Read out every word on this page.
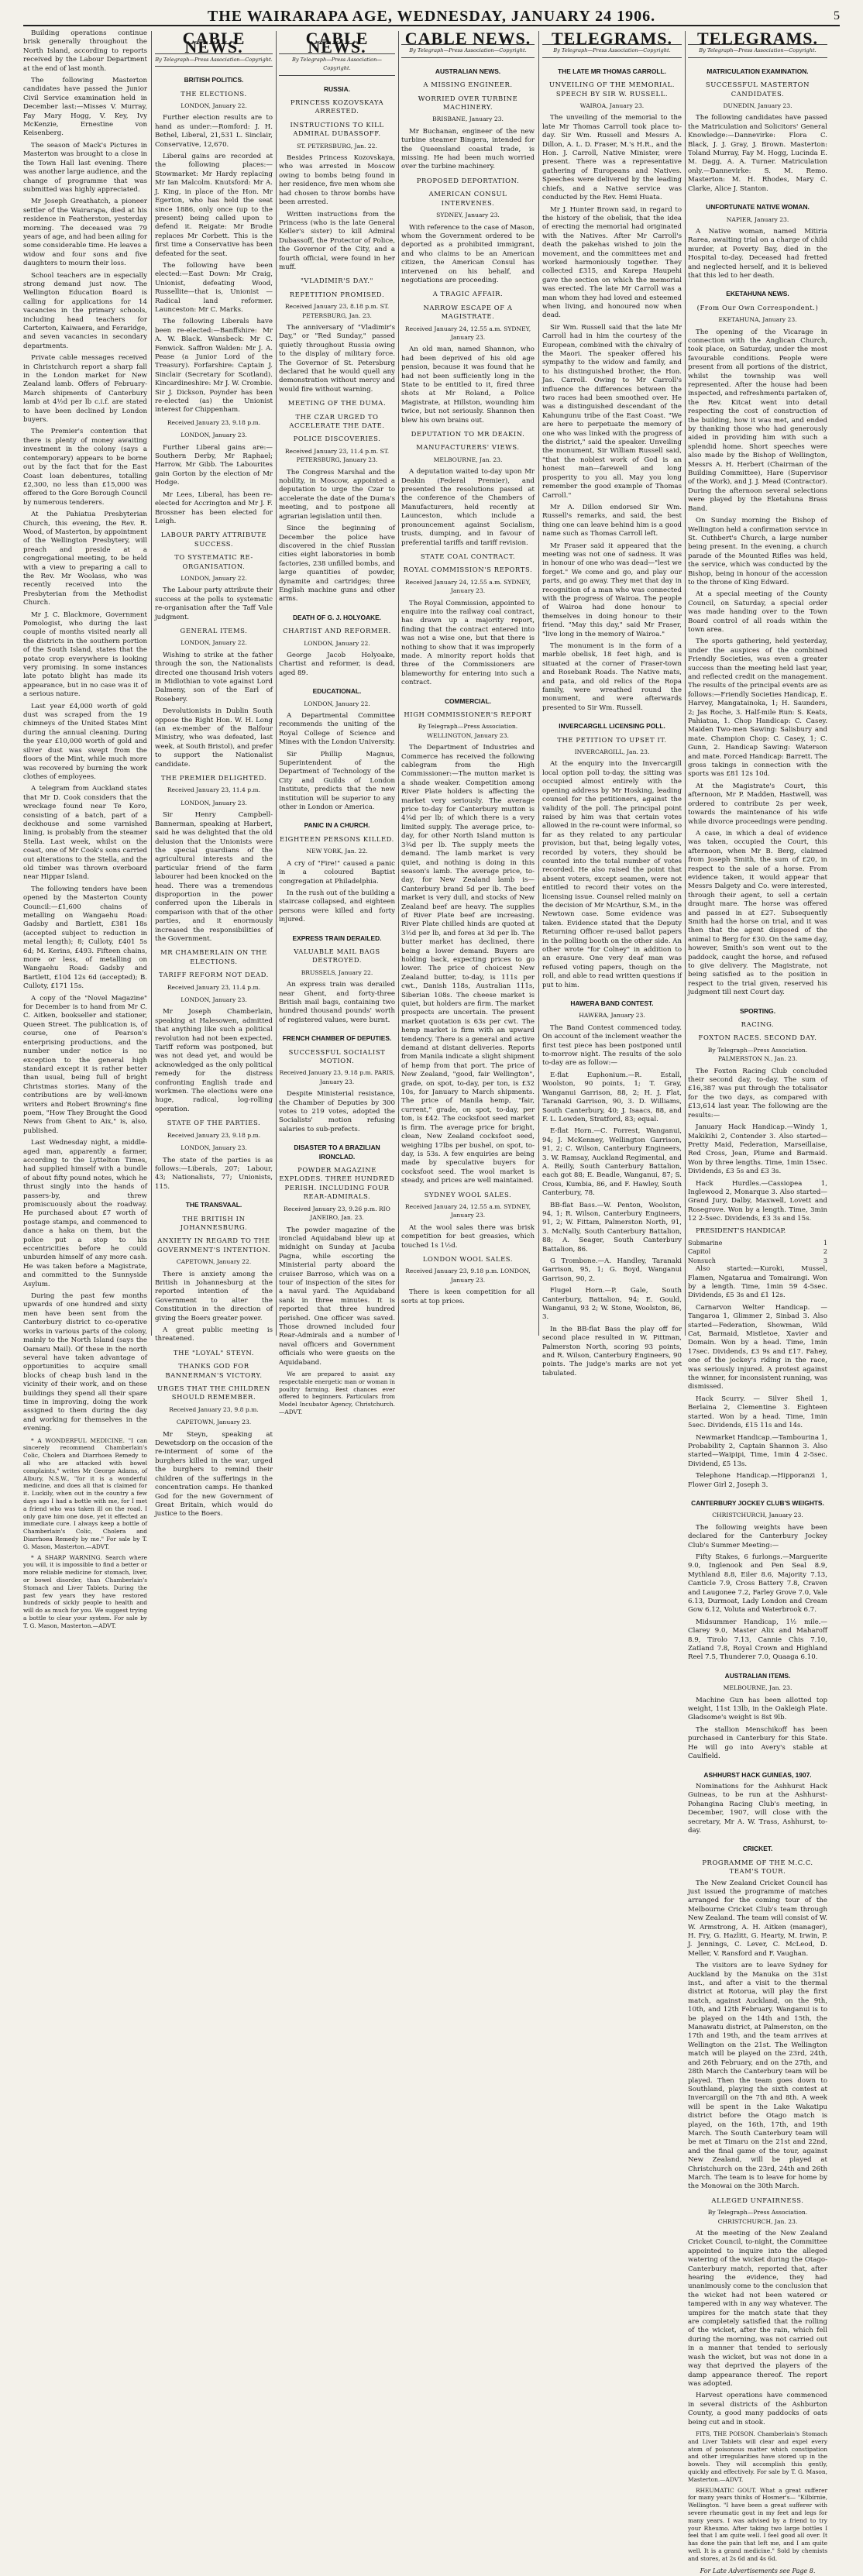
THE WAIRARAPA AGE, WEDNESDAY, JANUARY 24 1906.	5

Building operations continue brisk generally throughout the North Island, according to reports received by the Labour Department at the end of last month.

The following Masterton candidates have passed the Junior Civil Service examination held in December last:—Misses V. Murray, Fay Mary Hogg, V. Key, Ivy McKenzie, Ernestine von Keisenberg.

The season of Mack's Pictures in Masterton was brought to a close in the Town Hall last evening. There was another large audience, and the change of programme that was submitted was highly appreciated.

Mr Joseph Greathatch, a pioneer settler of the Wairarapa, died at his residence in Featherston, yesterday morning. The deceased was 79 years of age, and had been ailing for some considerable time. He leaves a widow and four sons and five daughters to mourn their loss.

School teachers are in especially strong demand just now. The Wellington Education Board is calling for applications for 14 vacancies in the primary schools, including head teachers for Carterton, Kaiwaera, and Feraridge, and seven vacancies in secondary departments.

Private cable messages received in Christchurch report a sharp fall in the London market for New Zealand lamb. Offers of February-March shipments of Canterbury lamb at 4½d per lb c.i.f. are stated to have been declined by London buyers.

The Premier's contention that there is plenty of money awaiting investment in the colony (says a contemporary) appears to be borne out by the fact that for the East Coast loan debentures, totalling £2,300, no less than £15,000 was offered to the Gore Borough Council by numerous tenderers.

At the Pahiatua Presbyterian Church, this evening, the Rev. R. Wood, of Masterton, by appointment of the Wellington Presbytery, will preach and preside at a congregational meeting, to be held with a view to preparing a call to the Rev. Mr Woolass, who was recently received into the Presbyterian from the Methodist Church.

Mr J. C. Blackmore, Government Pomologist, who during the last couple of months visited nearly all the districts in the southern portion of the South Island, states that the potato crop everywhere is looking very promising. In some instances late potato blight has made its appearance, but in no case was it of a serious nature.

Last year £4,000 worth of gold dust was scraped from the 19 chimneys of the United States Mint during the annual cleaning. During the year £10,000 worth of gold and silver dust was swept from the floors of the Mint, while much more was recovered by burning the work clothes of employees.

A telegram from Auckland states that Mr D. Cook considers that the wreckage found near Te Koro, consisting of a batch, part of a deckhouse and some varnished lining, is probably from the steamer Stella. Last week, whilst on the coast, one of Mr Cook's sons carried out alterations to the Stella, and the old timber was thrown overboard near Hippar Island.

The following tenders have been opened by the Masterton County Council:—£1,600 chains of metalling on Wangaehu Road: Gadsby and Bartlett, £381 18s (accepted subject to reduction in metal length); 8; Culloty, £401 5s 6d; M. Kerins, £493. Fifteen chains, more or less, of metalling on Wangaehu Road: Gadsby and Bartlett, £104 12s 6d (accepted); B. Culloty, £171 15s.

A copy of the "Novel Magazine" for December is to hand from Mr C. C. Aitken, bookseller and stationer, Queen Street. The publication is, of course, one of Pearson's enterprising productions, and the number under notice is no exception to the general high standard except it is rather better than usual, being full of bright Christmas stories. Many of the contributions are by well-known writers and Robert Browning's fine poem, "How They Brought the Good News from Ghent to Aix," is, also, published.

Last Wednesday night, a middle-aged man, apparently a farmer, according to the Lyttelton Times, had supplied himself with a bundle of about fifty pound notes, which he thrust singly into the hands of passers-by, and threw promiscuously about the roadway. He purchased about £7 worth of postage stamps, and commenced to dance a haka on them, but the police put a stop to his eccentricities before he could unburden himself of any more cash. He was taken before a Magistrate, and committed to the Sunnyside Asylum.

During the past few months upwards of one hundred and sixty men have been sent from the Canterbury district to co-operative works in various parts of the colony, mainly to the North Island (says the Oamaru Mail). Of these in the north several have taken advantage of opportunities to acquire small blocks of cheap bush land in the vicinity of their work, and on these buildings they spend all their spare time in improving, doing the work assigned to them during the day and working for themselves in the evening.

* A WONDERFUL MEDICINE. "I can sincerely recommend Chamberlain's Colic, Cholera and Diarrhoea Remedy to all who are attacked with bowel complaints," writes Mr George Adams, of Albury, N.S.W., "for it is a wonderful medicine, and does all that is claimed for it. Luckily, when out in the country a few days ago I had a bottle with me, for I met a friend who was taken ill on the road. I only gave him one dose, yet it effected an immediate cure. I always keep a bottle of Chamberlain's Colic, Cholera and Diarrhoea Remedy by me." For sale by T. G. Mason, Masterton.—ADVT.

* A SHARP WARNING. Search where you will, it is impossible to find a better or more reliable medicine for stomach, liver, or bowel disorder, than Chamberlain's Stomach and Liver Tablets. During the past few years they have restored hundreds of sickly people to health and will do as much for you. We suggest trying a bottle to clear your system. For sale by T. G. Mason, Masterton.—ADVT.

CABLE NEWS.
By Telegraph—Press Association—Copyright.
BRITISH POLITICS.
THE ELECTIONS.
LONDON, January 22.

Further election results are to hand as under:—Romford: J. H. Bethel, Liberal, 21,531 L. Sinclair, Conservative, 12,670.

Liberal gains are recorded at the following places:—Stowmarket: Mr Hardy replacing Mr Ian Malcolm. Knutsford: Mr A. J. King, in place of the Hon. Mr Egerton, who has held the seat since 1886, only once (up to the present) being called upon to defend it. Reigate: Mr Brodie replaces Mr Corbett. This is the first time a Conservative has been defeated for the seat.

The following have been elected:—East Down: Mr Craig, Unionist, defeating Wood, Russellite—that is, Unionist — Radical land reformer. Launceston: Mr C. Marks.

The following Liberals have been re-elected:—Banffshire: Mr A. W. Black. Wansbeck: Mr C. Fenwick. Saffron Walden: Mr J. A. Pease (a Junior Lord of the Treasury). Forfarshire: Captain J. Sinclair (Secretary for Scotland). Kincardineshire: Mr J. W. Crombie. Sir J. Dickson, Poynder has been re-elected (as) the Unionist interest for Chippenham.

Received January 23, 9.18 p.m.
LONDON, January 23.

Further Liberal gains are:—Southern Derby, Mr Raphael; Harrow, Mr Gibb. The Labourites gain Gorton by the election of Mr Hodge.

Mr Lees, Liberal, has been re-elected for Accrington and Mr J. F. Brossner has been elected for Leigh.

LABOUR PARTY ATTRIBUTE SUCCESS.
TO SYSTEMATIC RE-ORGANISATION.
LONDON, January 22.

The Labour party attribute their success at the polls to systematic re-organisation after the Taff Vale judgment.

GENERAL ITEMS.
LONDON, January 22.

Wishing to strike at the father through the son, the Nationalists directed one thousand Irish voters in Midlothian to vote against Lord Dalmeny, son of the Earl of Rosebery.

Devolutionists in Dublin South oppose the Right Hon. W. H. Long (an ex-member of the Balfour Ministry, who was defeated, last week, at South Bristol), and prefer to support the Nationalist candidate.

THE PREMIER DELIGHTED.
Received January 23, 11.4 p.m.
LONDON, January 23.

Sir Henry Campbell-Bannerman, speaking at Harbert, said he was delighted that the old delusion that the Unionists were the special guardians of the agricultural interests and the particular friend of the farm labourer had been knocked on the head. There was a tremendous disproportion in the power conferred upon the Liberals in comparison with that of the other parties, and it enormously increased the responsibilities of the Government.

MR CHAMBERLAIN ON THE ELECTIONS.
TARIFF REFORM NOT DEAD.
Received January 23, 11.4 p.m.
LONDON, January 23.

Mr Joseph Chamberlain, speaking at Halesowen, admitted that anything like such a political revolution had not been expected. Tariff reform was postponed, but was not dead yet, and would be acknowledged as the only political remedy for the distress confronting English trade and workmen. The elections were one huge, radical, log-rolling operation.

STATE OF THE PARTIES.
Received January 23, 9.18 p.m.
LONDON, January 23.

The state of the parties is as follows:—Liberals, 207; Labour, 43; Nationalists, 77; Unionists, 115.

THE TRANSVAAL.
THE BRITISH IN JOHANNESBURG.
ANXIETY IN REGARD TO THE GOVERNMENT'S INTENTION.
CAPETOWN, January 22.

There is anxiety among the British in Johannesburg at the reported intention of the Government to alter the Constitution in the direction of giving the Boers greater power.

A great public meeting is threatened.

THE "LOYAL" STEYN.
THANKS GOD FOR BANNERMAN'S VICTORY.
URGES THAT THE CHILDREN SHOULD REMEMBER.
Received January 23, 9.8 p.m.
CAPETOWN, January 23.

Mr Steyn, speaking at Dewetsdorp on the occasion of the re-interment of some of the burghers killed in the war, urged the burghers to remind their children of the sufferings in the concentration camps. He thanked God for the new Government of Great Britain, which would do justice to the Boers.

CABLE NEWS.
By Telegraph—Press Association—Copyright.
RUSSIA.
PRINCESS KOZOVSKAYA ARRESTED.
INSTRUCTIONS TO KILL ADMIRAL DUBASSOFF.
ST. PETERSBURG, Jan. 22.

Besides Princess Kozovskaya, who was arrested in Moscow owing to bombs being found in her residence, five men whom she had chosen to throw bombs have been arrested.

Written instructions from the Princess (who is the late General Keller's sister) to kill Admiral Dubassoff, the Protector of Police, the Governor of the City, and a fourth official, were found in her muff.

"VLADIMIR'S DAY."
REPETITION PROMISED.
Received January 23, 8.18 p.m. ST. PETERSBURG, Jan. 23.

The anniversary of "Vladimir's Day," or "Red Sunday," passed quietly throughout Russia owing to the display of military force. The Governor of St. Petersburg declared that he would quell any demonstration without mercy and would fire without warning.

MEETING OF THE DUMA.
THE CZAR URGED TO ACCELERATE THE DATE.
POLICE DISCOVERIES.
Received January 23, 11.4 p.m. ST. PETERSBURG, January 23.

The Congress Marshal and the nobility, in Moscow, appointed a deputation to urge the Czar to accelerate the date of the Duma's meeting, and to postpone all agrarian legislation until then.

Since the beginning of December the police have discovered in the chief Russian cities eight laboratories in bomb factories, 238 unfilled bombs, and large quantities of powder, dynamite and cartridges; three English machine guns and other arms.

DEATH OF G. J. HOLYOAKE.
CHARTIST AND REFORMER.
LONDON, January 22.

George Jacob Holyoake, Chartist and reformer, is dead, aged 89.

EDUCATIONAL.
LONDON, January 22.

A Departmental Committee recommends the uniting of the Royal College of Science and Mines with the London University.

Sir Phillip Magnus, Superintendent of the Department of Technology of the City and Guilds of London Institute, predicts that the new institution will be superior to any other in London or America.

PANIC IN A CHURCH.
EIGHTEEN PERSONS KILLED.
NEW YORK, Jan. 22.

A cry of "Fire!" caused a panic in a coloured Baptist congregation at Philadelphia.

In the rush out of the building a staircase collapsed, and eighteen persons were killed and forty injured.

EXPRESS TRAIN DERAILED.
VALUABLE MAIL BAGS DESTROYED.
BRUSSELS, January 22.

An express train was derailed near Ghent, and forty-three British mail bags, containing two hundred thousand pounds' worth of registered values, were burnt.

FRENCH CHAMBER OF DEPUTIES.
SUCCESSFUL SOCIALIST MOTION.
Received January 23, 9.18 p.m. PARIS, January 23.

Despite Ministerial resistance, the Chamber of Deputies by 300 votes to 219 votes, adopted the Socialists' motion refusing salaries to sub-prefects.

DISASTER TO A BRAZILIAN IRONCLAD.
POWDER MAGAZINE EXPLODES. THREE HUNDRED PERISH. INCLUDING FOUR REAR-ADMIRALS.
Received January 23, 9.26 p.m. RIO JANEIRO, Jan. 23.

The powder magazine of the ironclad Aquidaband blew up at midnight on Sunday at Jacuba Pagna, while escorting the Ministerial party aboard the cruiser Barroso, which was on a tour of inspection of the sites for a naval yard. The Aquidaband sank in three minutes. It is reported that three hundred perished. One officer was saved. Those drowned included four Rear-Admirals and a number of naval officers and Government officials who were guests on the Aquidaband.

We are prepared to assist any respectable energetic man or woman in poultry farming. Best chances ever offered to beginners. Particulars from Model Incubator Agency, Christchurch.—ADVT.

CABLE NEWS.
By Telegraph—Press Association—Copyright.
AUSTRALIAN NEWS.
A MISSING ENGINEER.
WORRIED OVER TURBINE MACHINERY.
BRISBANE, January 23.

Mr Buchanan, engineer of the new turbine steamer Bingera, intended for the Queensland coastal trade, is missing. He had been much worried over the turbine machinery.

PROPOSED DEPORTATION.
AMERICAN CONSUL INTERVENES.
SYDNEY, January 23.

With reference to the case of Mason, whom the Government ordered to be deported as a prohibited immigrant, and who claims to be an American citizen, the American Consul has intervened on his behalf, and negotiations are proceeding.

A TRAGIC AFFAIR.
NARROW ESCAPE OF A MAGISTRATE.
Received January 24, 12.55 a.m. SYDNEY, January 23.

An old man, named Shannon, who had been deprived of his old age pension, because it was found that he had not been sufficiently long in the State to be entitled to it, fired three shots at Mr Roland, a Police Magistrate, at Hillston, wounding him twice, but not seriously. Shannon then blew his own brains out.

DEPUTATION TO MR DEAKIN.
MANUFACTURERS' VIEWS.
MELBOURNE, Jan. 23.

A deputation waited to-day upon Mr Deakin (Federal Premier), and presented the resolutions passed at the conference of the Chambers of Manufacturers, held recently at Launceston, which include a pronouncement against Socialism, trusts, dumping, and in favour of preferential tariffs and tariff revision.

STATE COAL CONTRACT.
ROYAL COMMISSION'S REPORTS.
Received January 24, 12.55 a.m. SYDNEY, January 23.

The Royal Commission, appointed to enquire into the railway coal contract, has drawn up a majority report, finding that the contract entered into was not a wise one, but that there is nothing to show that it was improperly made. A minority report holds that three of the Commissioners are blameworthy for entering into such a contract.

COMMERCIAL.
HIGH COMMISSIONER'S REPORT
By Telegraph—Press Association. WELLINGTON, January 23.

The Department of Industries and Commerce has received the following cablegram from the High Commissioner:—The mutton market is a shade weaker. Competition among River Plate holders is affecting the market very seriously. The average price to-day for Canterbury mutton is 4¼d per lb; of which there is a very limited supply. The average price, to-day, for other North Island mutton is 3¾d per lb. The supply meets the demand. The lamb market is very quiet, and nothing is doing in this season's lamb. The average price, to-day, for New Zealand lamb is—Canterbury brand 5d per lb. The beef market is very dull, and stocks of New Zealand beef are heavy. The supplies of River Plate beef are increasing. River Plate chilled hinds are quoted at 3½d per lb, and fores at 3d per lb. The butter market has declined, there being a lower demand. Buyers are holding back, expecting prices to go lower. The price of choicest New Zealand butter, to-day, is 111s per cwt., Danish 118s, Australian 111s, Siberian 108s. The cheese market is quiet, but holders are firm. The market prospects are uncertain. The present market quotation is 63s per cwt. The hemp market is firm with an upward tendency. There is a general and active demand at distant deliveries. Reports from Manila indicate a slight shipment of hemp from that port. The price of New Zealand, "good, fair Wellington", grade, on spot, to-day, per ton, is £32 10s, for January to March shipments. The price of Manila hemp, "fair, current," grade, on spot, to-day, per ton, is £42. The cocksfoot seed market is firm. The average price for bright, clean, New Zealand cocksfoot seed, weighing 17lbs per bushel, on spot, to-day, is 53s. A few enquiries are being made by speculative buyers for cocksfoot seed. The wool market is steady, and prices are well maintained.

SYDNEY WOOL SALES.
Received January 24, 12.55 a.m. SYDNEY, January 23.

At the wool sales there was brisk competition for best greasies, which touched 1s 1½d.

LONDON WOOL SALES.
Received January 23, 9.18 p.m. LONDON, January 23.

There is keen competition for all sorts at top prices.

TELEGRAMS.
By Telegraph—Press Association—Copyright.
THE LATE MR THOMAS CARROLL.
UNVEILING OF THE MEMORIAL. SPEECH BY SIR W. RUSSELL.
WAIROA, January 23.

The unveiling of the memorial to the late Mr Thomas Carroll took place to-day. Sir Wm. Russell and Messrs A. Dillon, A. L. D. Fraser, M.'s H.R., and the Hon. J. Carroll, Native Minister, were present. There was a representative gathering of Europeans and Natives. Speeches were delivered by the leading chiefs, and a Native service was conducted by the Rev. Hemi Huata.

Mr J. Hunter Brown said, in regard to the history of the obelisk, that the idea of erecting the memorial had originated with the Natives. After Mr Carroll's death the pakehas wished to join the movement, and the committees met and worked harmoniously together. They collected £315, and Karepa Haupehi gave the section on which the memorial was erected. The late Mr Carroll was a man whom they had loved and esteemed when living, and honoured now when dead.

Sir Wm. Russell said that the late Mr Carroll had in him the courtesy of the European, combined with the chivalry of the Maori. The speaker offered his sympathy to the widow and family, and to his distinguished brother, the Hon. Jas. Carroll. Owing to Mr Carroll's influence the differences between the two races had been smoothed over. He was a distinguished descendant of the Kahungunu tribe of the East Coast. "We are here to perpetuate the memory of one who was linked with the progress of the district," said the speaker. Unveiling the monument, Sir William Russell said, "that the noblest work of God is an honest man—farewell and long prosperity to you all. May you long remember the good example of Thomas Carroll."

Mr A. Dillon endorsed Sir Wm. Russell's remarks, and said, the best thing one can leave behind him is a good name such as Thomas Carroll left.

Mr Fraser said it appeared that the meeting was not one of sadness. It was in honour of one who was dead—"lest we forget." We come and go, and play our parts, and go away. They met that day in recognition of a man who was connected with the progress of Wairoa. The people of Wairoa had done honour to themselves in doing honour to their friend. "May this day," said Mr Fraser, "live long in the memory of Wairoa."

The monument is in the form of a marble obelisk, 18 feet high, and is situated at the corner of Fraser-town and Rosebank Roads. The Native mats, and pata, and old relics of the Ropa family, were wreathed round the monument, and were afterwards presented to Sir Wm. Russell.

INVERCARGILL LICENSING POLL.
THE PETITION TO UPSET IT.
INVERCARGILL, Jan. 23.

At the enquiry into the Invercargill local option poll to-day, the sitting was occupied almost entirely with the opening address by Mr Hosking, leading counsel for the petitioners, against the validity of the poll. The principal point raised by him was that certain votes allowed in the re-count were informal, so far as they related to any particular provision, but that, being legally votes, recorded by voters, they should be counted into the total number of votes recorded. He also raised the point that absent voters, except seamen, were not entitled to record their votes on the licensing issue. Counsel relied mainly on the decision of Mr McArthur, S.M., in the Newtown case. Some evidence was taken. Evidence stated that the Deputy Returning Officer re-used ballot papers in the polling booth on the other side. An other wrote "for Colney" in addition to an erasure. One very deaf man was refused voting papers, though on the roll, and able to read written questions if put to him.

HAWERA BAND CONTEST.
HAWERA, January 23.

The Band Contest commenced today. On account of the inclement weather the first test piece has been postponed until to-morrow night. The results of the solo to-day are as follow:—

E-flat Euphonium.—R. Estall, Woolston, 90 points, 1; T. Gray, Wanganui Garrison, 88, 2; H. J. Flat, Taranaki Garrison, 90, 3. D. Williams, South Canterbury, 40; J. Isaacs, 88, and F. L. Lowden, Stratford, 83; equal.

E-flat Horn.—C. Forrest, Wanganui, 94; J. McKenney, Wellington Garrison, 91, 2; C. Wilson, Canterbury Engineers, 3. W. Ramsay, Auckland Regimental, and A. Reilly, South Canterbury Battalion, each got 88; E. Beadle, Wanganui, 87; S. Cross, Kumbia, 86, and F. Hawley, South Canterbury, 78.

BB-flat Bass.—W. Penton, Woolston, 94, 1; R. Wilson, Canterbury Engineers, 91, 2; W. Fittam, Palmerston North, 91, 3. McNally, South Canterbury Battalion, 88; A. Seager, South Canterbury Battalion, 86.

G Trombone.—A. Handley, Taranaki Garrison, 95, 1; G. Boyd, Wanganui Garrison, 90, 2.

Flugel Horn.—P. Gale, South Canterbury, Battalion, 94; E. Gould, Wanganui, 93 2; W. Stone, Woolston, 86, 3.

In the BB-flat Bass the play off for second place resulted in W. Pittman, Palmerston North, scoring 93 points, and R. Wilson, Canterbury Engineers, 90 points. The judge's marks are not yet tabulated.

TELEGRAMS.
By Telegraph—Press Association—Copyright.
MATRICULATION EXAMINATION.
SUCCESSFUL MASTERTON CANDIDATES.
DUNEDIN, January 23.

The following candidates have passed the Matriculation and Solicitors' General Knowledge:—Dannevirke: Flora C. Black, J. J. Gray, J. Brown. Masterton: Toland Murray, Fay M. Hogg, Lucinda E. M. Dagg, A. A. Turner. Matriculation only.—Dannevirke: S. M. Remo. Masterton: M. H. Rhodes, Mary C. Clarke, Alice J. Stanton.

UNFORTUNATE NATIVE WOMAN.
NAPIER, January 23.

A Native woman, named Mitiria Rarea, awaiting trial on a charge of child murder, at Poverty Bay, died in the Hospital to-day. Deceased had fretted and neglected herself, and it is believed that this led to her death.

EKETAHUNA NEWS.
(From Our Own Correspondent.)
EKETAHUNA, January 23.

The opening of the Vicarage in connection with the Anglican Church, took place, on Saturday, under the most favourable conditions. People were present from all portions of the district, whilst the township was well represented. After the house had been inspected, and refreshments partaken of, the Rev. Kitcat went into detail respecting the cost of construction of the building, how it was met, and ended by thanking those who had generously aided in providing him with such a splendid home. Short speeches were also made by the Bishop of Wellington, Messrs A. H. Herbert (Chairman of the Building Committee), Hare (Supervisor of the Work), and J. J. Mead (Contractor). During the afternoon several selections were played by the Eketahuna Brass Band.

On Sunday morning the Bishop of Wellington held a confirmation service in St. Cuthbert's Church, a large number being present. In the evening, a church parade of the Mounted Rifles was held, the service, which was conducted by the Bishop, being in honour of the accession to the throne of King Edward.

At a special meeting of the County Council, on Saturday, a special order was made handing over to the Town Board control of all roads within the town area.

The sports gathering, held yesterday, under the auspices of the combined Friendly Societies, was even a greater success than the meeting held last year, and reflected credit on the management. The results of the principal events are as follows:—Friendly Societies Handicap, E. Harvey, Mangatainoka, 1; H. Saunders, 2; Jas Roche, 3. Half-mile Run: S. Keats, Pahiatua, 1. Chop Handicap: C. Casey. Maiden Two-men Sawing: Salisbury and mate. Champion Chop: C. Casey, 1; C. Gunn, 2. Handicap Sawing: Waterson and mate. Forced Handicap: Barrett. The gross takings in connection with the sports was £81 12s 10d.

At the Magistrate's Court, this afternoon, Mr P. Madden, Hastwell, was ordered to contribute 2s per week, towards the maintenance of his wife while divorce proceedings were pending.

A case, in which a deal of evidence was taken, occupied the Court, this afternoon, when Mr B. Berg, claimed from Joseph Smith, the sum of £20, in respect to the sale of a horse. From evidence taken, it would appear that Messrs Dalgety and Co. were interested, through their agent, to sell a certain draught mare. The horse was offered and passed in at £27. Subsequently Smith had the horse on trial, and it was then that the agent disposed of the animal to Berg for £30. On the same day, however, Smith's son went out to the paddock, caught the horse, and refused to give delivery. The Magistrate, not being satisfied as to the position in respect to the trial given, reserved his judgment till next Court day.

SPORTING.
RACING.
FOXTON RACES. SECOND DAY.
By Telegraph—Press Association. PALMERSTON N., Jan. 23.

The Foxton Racing Club concluded their second day, to-day. The sum of £16,387 was put through the totalisator for the two days, as compared with £13,614 last year. The following are the results:—

January Hack Handicap.—Windy 1, Makikihi 2, Contender 3. Also started—Pretty Maid, Federation, Marseillaise, Red Cross, Jean, Plume and Barmaid. Won by three lengths. Time, 1min 15sec. Dividends, £3 5s and £3 3s.

Hack Hurdles.—Cassiopea 1, Inglewood 2, Monarque 3. Also started—Grand Jury, Dalby, Maxwell, Lovett and Rosegrove. Won by a length. Time, 3min 12 2-5sec. Dividends, £3 3s and 15s.

PRESIDENT'S HANDICAP.

Submarine	1
Capitol	2
Nonsuch	3

Also started:—Kuroki, Mussel, Flamen, Ngatarua and Tomairangi. Won by a length. Time, 1min 59 4-5sec. Dividends, £5 3s and £1 12s.

Carnarvon Welter Handicap. — Tangaroa 1, Glimmer 2, Sinbad 3. Also started—Federation, Showman, Wild Cat, Barmaid, Mistletoe, Xavier and Domain. Won by a head. Time, 1min 17sec. Dividends, £3 9s and £17. Fahey, one of the jockey's riding in the race, was seriously injured. A protest against the winner, for inconsistent running, was dismissed.

Hack Scurry. — Silver Sheil 1, Berlaina 2, Clementine 3. Eighteen started. Won by a head. Time, 1min 5sec. Dividends, £15 11s and 14s.

Newmarket Handicap.—Tambourina 1, Probability 2, Captain Shannon 3. Also started—Waipipi, Time, 1min 4 2-5sec. Dividend, £5 13s.

Telephone Handicap.—Hipporanzi 1, Flower Girl 2, Joseph 3.

CANTERBURY JOCKEY CLUB'S WEIGHTS.
CHRISTCHURCH, January 23.

The following weights have been declared for the Canterbury Jockey Club's Summer Meeting:—

Fifty Stakes, 6 furlongs.—Marguerite 9.0, Inglenook and Pen Seal 8.9, Mythland 8.8, Eiler 8.6, Majority 7.13, Canticle 7.9, Cross Battery 7.8, Craven and Laugonee 7.2, Farley Grove 7.0, Vale 6.13, Durmoat, Lady London and Cream Gow 6.12, Voluta and Waterbrook 6.7.

Midsummer Handicap, 1½ mile.—Clarey 9.0, Master Alix and Maharoff 8.9, Tirolo 7.13, Cannie Chis 7.10, Zatland 7.8, Royal Crown and Highland Reel 7.5, Thunderer 7.0, Quaaga 6.10.

AUSTRALIAN ITEMS.
MELBOURNE, Jan. 23.

Machine Gun has been allotted top weight, 11st 13lb, in the Oakleigh Plate. Gladsome's weight is 8st 9lb.

The stallion Menschikoff has been purchased in Canterbury for this State. He will go into Avery's stable at Caulfield.

ASHHURST HACK GUINEAS, 1907.

Nominations for the Ashhurst Hack Guineas, to be run at the Ashhurst-Pohangina Racing Club's meeting, in December, 1907, will close with the secretary, Mr A. W. Trass, Ashhurst, to-day.

CRICKET.
PROGRAMME OF THE M.C.C. TEAM'S TOUR.

The New Zealand Cricket Council has just issued the programme of matches arranged for the coming tour of the Melbourne Cricket Club's team through New Zealand. The team will consist of W. W. Armstrong, A. H. Aitken (manager), H. Fry, G. Hazlitt, G. Hearty, M. Irwin, P. J. Jennings, C. Lever, C. McLeod, D. Meller, V. Ransford and F. Vaughan.

The visitors are to leave Sydney for Auckland by the Manuka on the 31st inst., and after a visit to the thermal district at Rotorua, will play the first match, against Auckland, on the 9th, 10th, and 12th February. Wanganui is to be played on the 14th and 15th, the Manawatu district, at Palmerston, on the 17th and 19th, and the team arrives at Wellington on the 21st. The Wellington match will be played on the 23rd, 24th, and 26th February, and on the 27th, and 28th March the Canterbury team will be played. Then the team goes down to Southland, playing the sixth contest at Invercargill on the 7th and 8th. A week will be spent in the Lake Wakatipu district before the Otago match is played, on the 16th, 17th, and 19th March. The South Canterbury team will be met at Timaru on the 21st and 22nd, and the final game of the tour, against New Zealand, will be played at Christchurch on the 23rd, 24th and 26th March. The team is to leave for home by the Monowai on the 30th March.

ALLEGED UNFAIRNESS.
By Telegraph—Press Association. CHRISTCHURCH, Jan. 23.

At the meeting of the New Zealand Cricket Council, to-night, the Committee appointed to inquire into the alleged watering of the wicket during the Otago-Canterbury match, reported that, after hearing the evidence, they had unanimously come to the conclusion that the wicket had not been watered or tampered with in any way whatever. The umpires for the match state that they are completely satisfied that the rolling of the wicket, after the rain, which fell during the morning, was not carried out in a manner that tended to seriously wash the wicket, but was not done in a way that deprived the players of the damp appearance thereof. The report was adopted.

Harvest operations have commenced in several districts of the Ashburton County, a good many paddocks of oats being cut and in stook.

FITS, THE POISON. Chamberlain's Stomach and Liver Tablets will clear and expel every atom of poisonous matter which constipation and other irregularities have stored up in the bowels. They will accomplish this gently, quickly and effectively. For sale by T. G. Mason, Masterton.—ADVT.

RHEUMATIC GOUT. What a great sufferer for many years thinks of Hosmer's— "Kilbirnie, Wellington. "I have been a great sufferer with severe rheumatic gout in my feet and legs for many years. I was advised by a friend to try your Rheumo. After taking two large bottles I feel that I am quite well. I feel good all over. It has done the pain that left me, and I am quite well. It is a grand medicine." Sold by chemists and stores, at 2s 6d and 4s 6d.

For Late Advertisements see Page 8.
